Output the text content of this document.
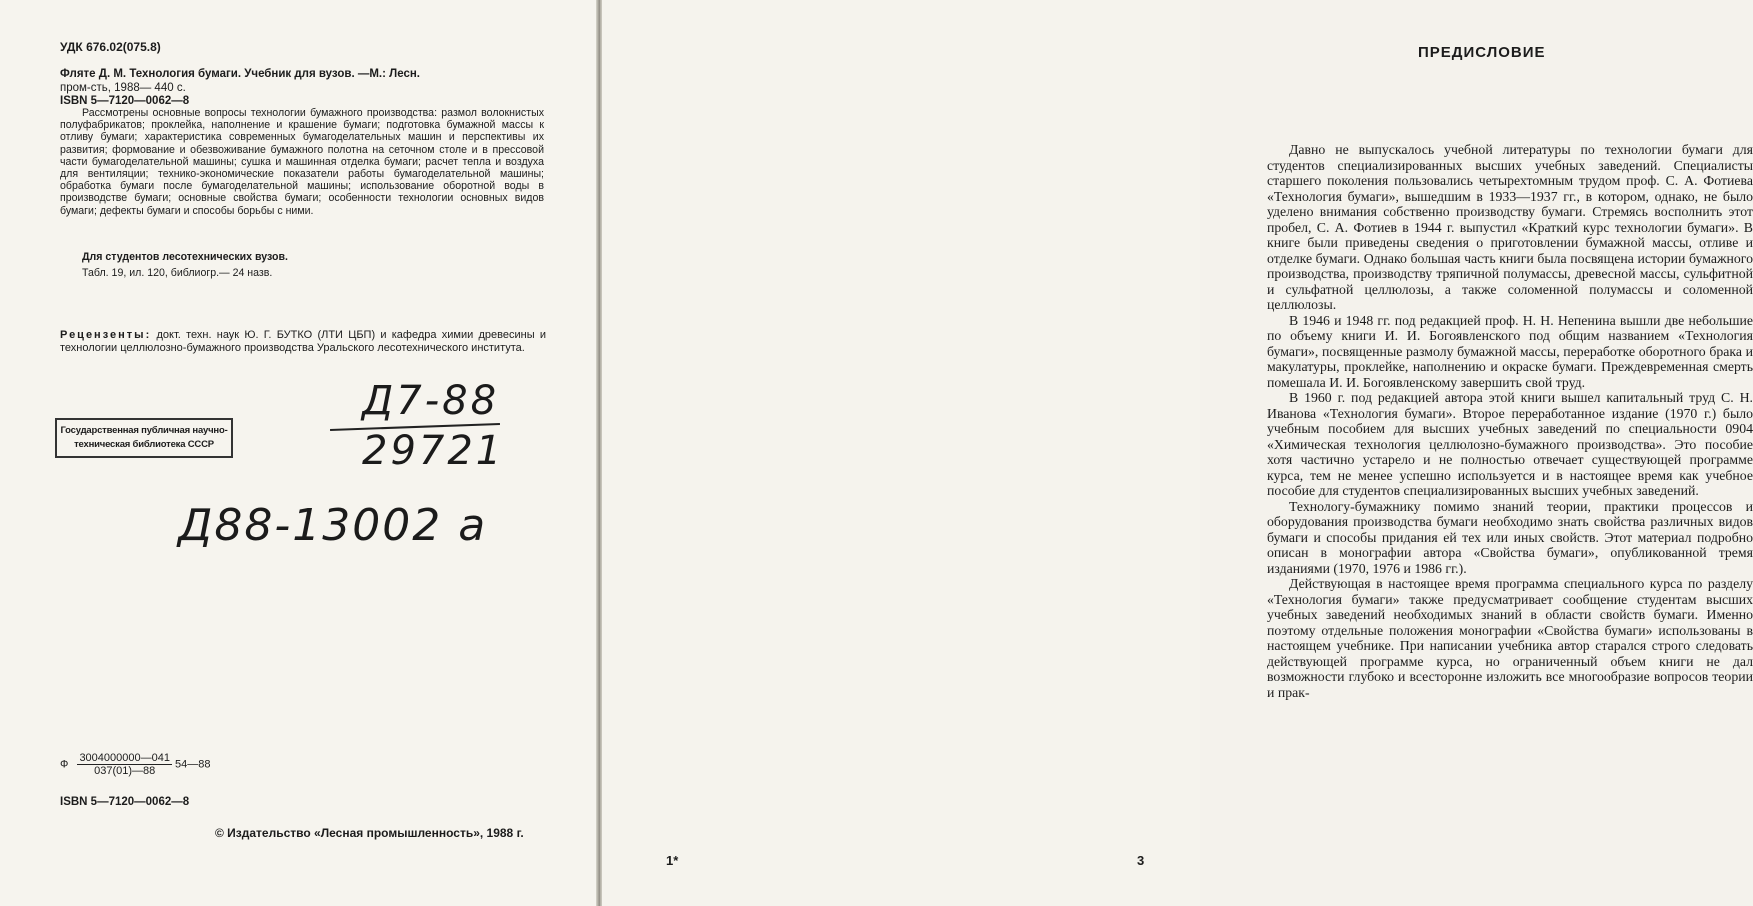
УДК 676.02(075.8)
Фляте Д. М. Технология бумаги. Учебник для вузов. —М.: Лесн.
пром-сть, 1988— 440 с.
ISBN 5—7120—0062—8
Рассмотрены основные вопросы технологии бумажного производства: размол волокнистых полуфабрикатов; проклейка, наполнение и крашение бумаги; подготовка бумажной массы к отливу бумаги; характеристика современных бумагоделательных машин и перспективы их развития; формование и обезвоживание бумажного полотна на сеточном столе и в прессовой части бумагоделательной машины; сушка и машинная отделка бумаги; расчет тепла и воздуха для вентиляции; технико-экономические показатели работы бумагоделательной машины; обработка бумаги после бумагоделательной машины; использование оборотной воды в производстве бумаги; основные свойства бумаги; особенности технологии основных видов бумаги; дефекты бумаги и способы борьбы с ними.
Для студентов лесотехнических вузов.
Табл. 19, ил. 120, библиогр.— 24 назв.
Рецензенты: докт. техн. наук Ю. Г. БУТКО (ЛТИ ЦБП) и кафедра химии древесины и технологии целлюлозно-бумажного производства Уральского лесотехнического института.
Государственная публичная научно-
техническая библиотека СССР
Д7-88
29721
Д88-13002 а
Ф $\frac{3004000000—041}{037(01)—88}$ 54—88
ISBN 5—7120—0062—8
© Издательство «Лесная промышленность», 1988 г.
ПРЕДИСЛОВИЕ

Давно не выпускалось учебной литературы по технологии бумаги для студентов специализированных высших учебных заведений. Специалисты старшего поколения пользовались четырехтомным трудом проф. С. А. Фотиева «Технология бумаги», вышедшим в 1933—1937 гг., в котором, однако, не было уделено внимания собственно производству бумаги. Стремясь восполнить этот пробел, С. А. Фотиев в 1944 г. выпустил «Краткий курс технологии бумаги». В книге были приведены сведения о приготовлении бумажной массы, отливе и отделке бумаги. Однако большая часть книги была посвящена истории бумажного производства, производству тряпичной полумассы, древесной массы, сульфитной и сульфатной целлюлозы, а также соломенной полумассы и соломенной целлюлозы.

В 1946 и 1948 гг. под редакцией проф. Н. Н. Непенина вышли две небольшие по объему книги И. И. Богоявленского под общим названием «Технология бумаги», посвященные размолу бумажной массы, переработке оборотного брака и макулатуры, проклейке, наполнению и окраске бумаги. Преждевременная смерть помешала И. И. Богоявленскому завершить свой труд.

В 1960 г. под редакцией автора этой книги вышел капитальный труд С. Н. Иванова «Технология бумаги». Второе переработанное издание (1970 г.) было учебным пособием для высших учебных заведений по специальности 0904 «Химическая технология целлюлозно-бумажного производства». Это пособие хотя частично устарело и не полностью отвечает существующей программе курса, тем не менее успешно используется и в настоящее время как учебное пособие для студентов специализированных высших учебных заведений.

Технологу-бумажнику помимо знаний теории, практики процессов и оборудования производства бумаги необходимо знать свойства различных видов бумаги и способы придания ей тех или иных свойств. Этот материал подробно описан в монографии автора «Свойства бумаги», опубликованной тремя изданиями (1970, 1976 и 1986 гг.).

Действующая в настоящее время программа специального курса по разделу «Технология бумаги» также предусматривает сообщение студентам высших учебных заведений необходимых знаний в области свойств бумаги. Именно поэтому отдельные положения монографии «Свойства бумаги» использованы в настоящем учебнике. При написании учебника автор старался строго следовать действующей программе курса, но ограниченный объем книги не дал возможности глубоко и всесторонне изложить все многообразие вопросов теории и прак-

1*	3
